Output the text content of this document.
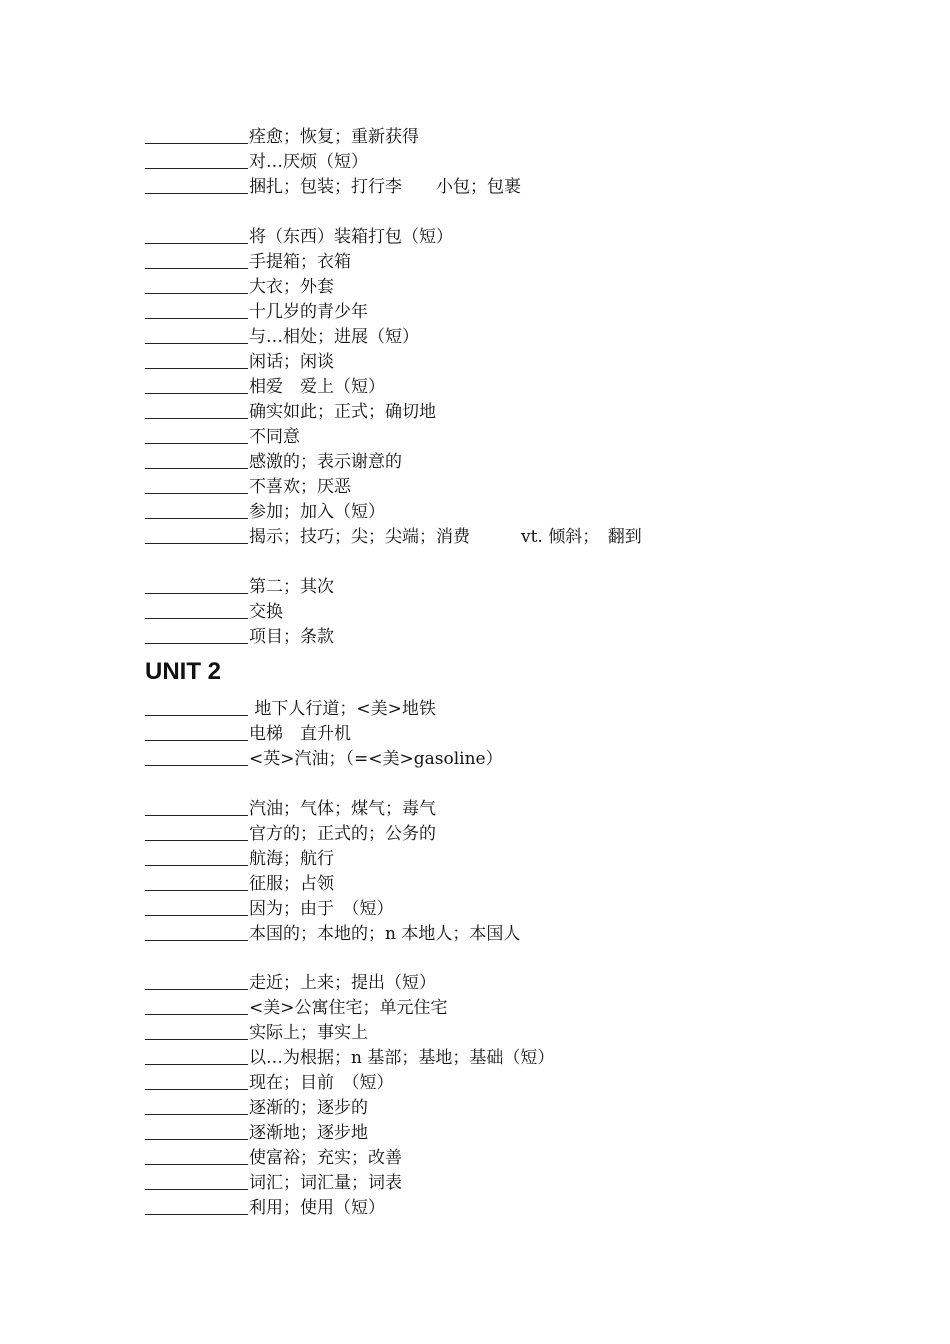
痊愈；恢复；重新获得
对…厌烦（短）
捆扎；包装；打行李　　小包；包裹
将（东西）装箱打包（短）
手提箱；衣箱
大衣；外套
十几岁的青少年
与…相处；进展（短）
闲话；闲谈
相爱　爱上（短）
确实如此；正式；确切地
不同意
感激的；表示谢意的
不喜欢；厌恶
参加；加入（短）
揭示；技巧；尖；尖端；消费　　　vt. 倾斜；　翻到
第二；其次
交换
项目；条款
UNIT 2
地下人行道；<美>地铁
电梯　直升机
<英>汽油；（=<美>gasoline）
汽油；气体；煤气；毒气
官方的；正式的；公务的
航海；航行
征服；占领
因为；由于　（短）
本国的；本地的；n 本地人；本国人
走近；上来；提出（短）
<美>公寓住宅；单元住宅
实际上；事实上
以…为根据；n 基部；基地；基础（短）
现在；目前　（短）
逐渐的；逐步的
逐渐地；逐步地
使富裕；充实；改善
词汇；词汇量；词表
利用；使用（短）
